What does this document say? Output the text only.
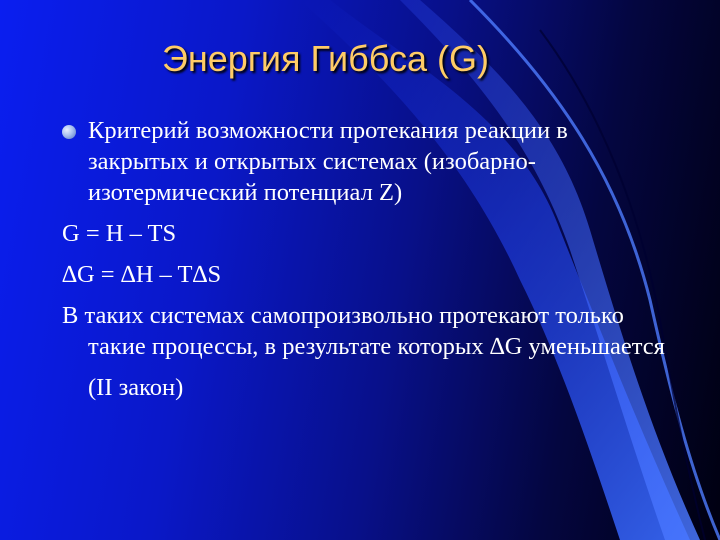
Энергия Гиббса (G)

Критерий возможности протекания реакции в закрытых и открытых системах (изобарно-изотермический потенциал Z)

G = H – TS

∆G = ∆H – T∆S

В таких системах самопроизвольно протекают только такие процессы, в результате которых ∆G уменьшается

(II закон)
